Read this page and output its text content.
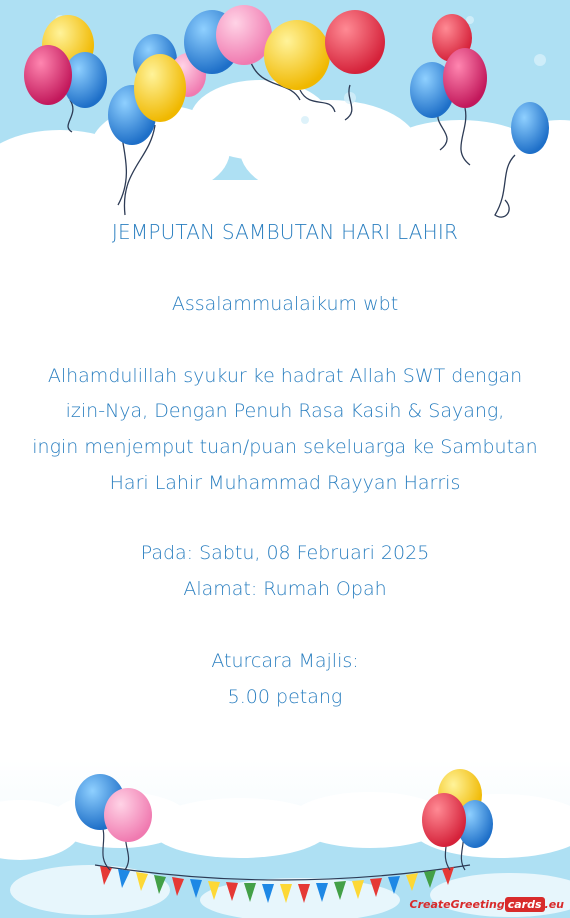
JEMPUTAN SAMBUTAN HARI LAHIR
Assalammualaikum wbt
Alhamdulillah syukur ke hadrat Allah SWT dengan
izin-Nya, Dengan Penuh Rasa Kasih & Sayang,
ingin menjemput tuan/puan sekeluarga ke Sambutan
Hari Lahir Muhammad Rayyan Harris
Pada: Sabtu, 08 Februari 2025
Alamat: Rumah Opah
Aturcara Majlis:
5.00 petang
CreateGreeting cards .eu
